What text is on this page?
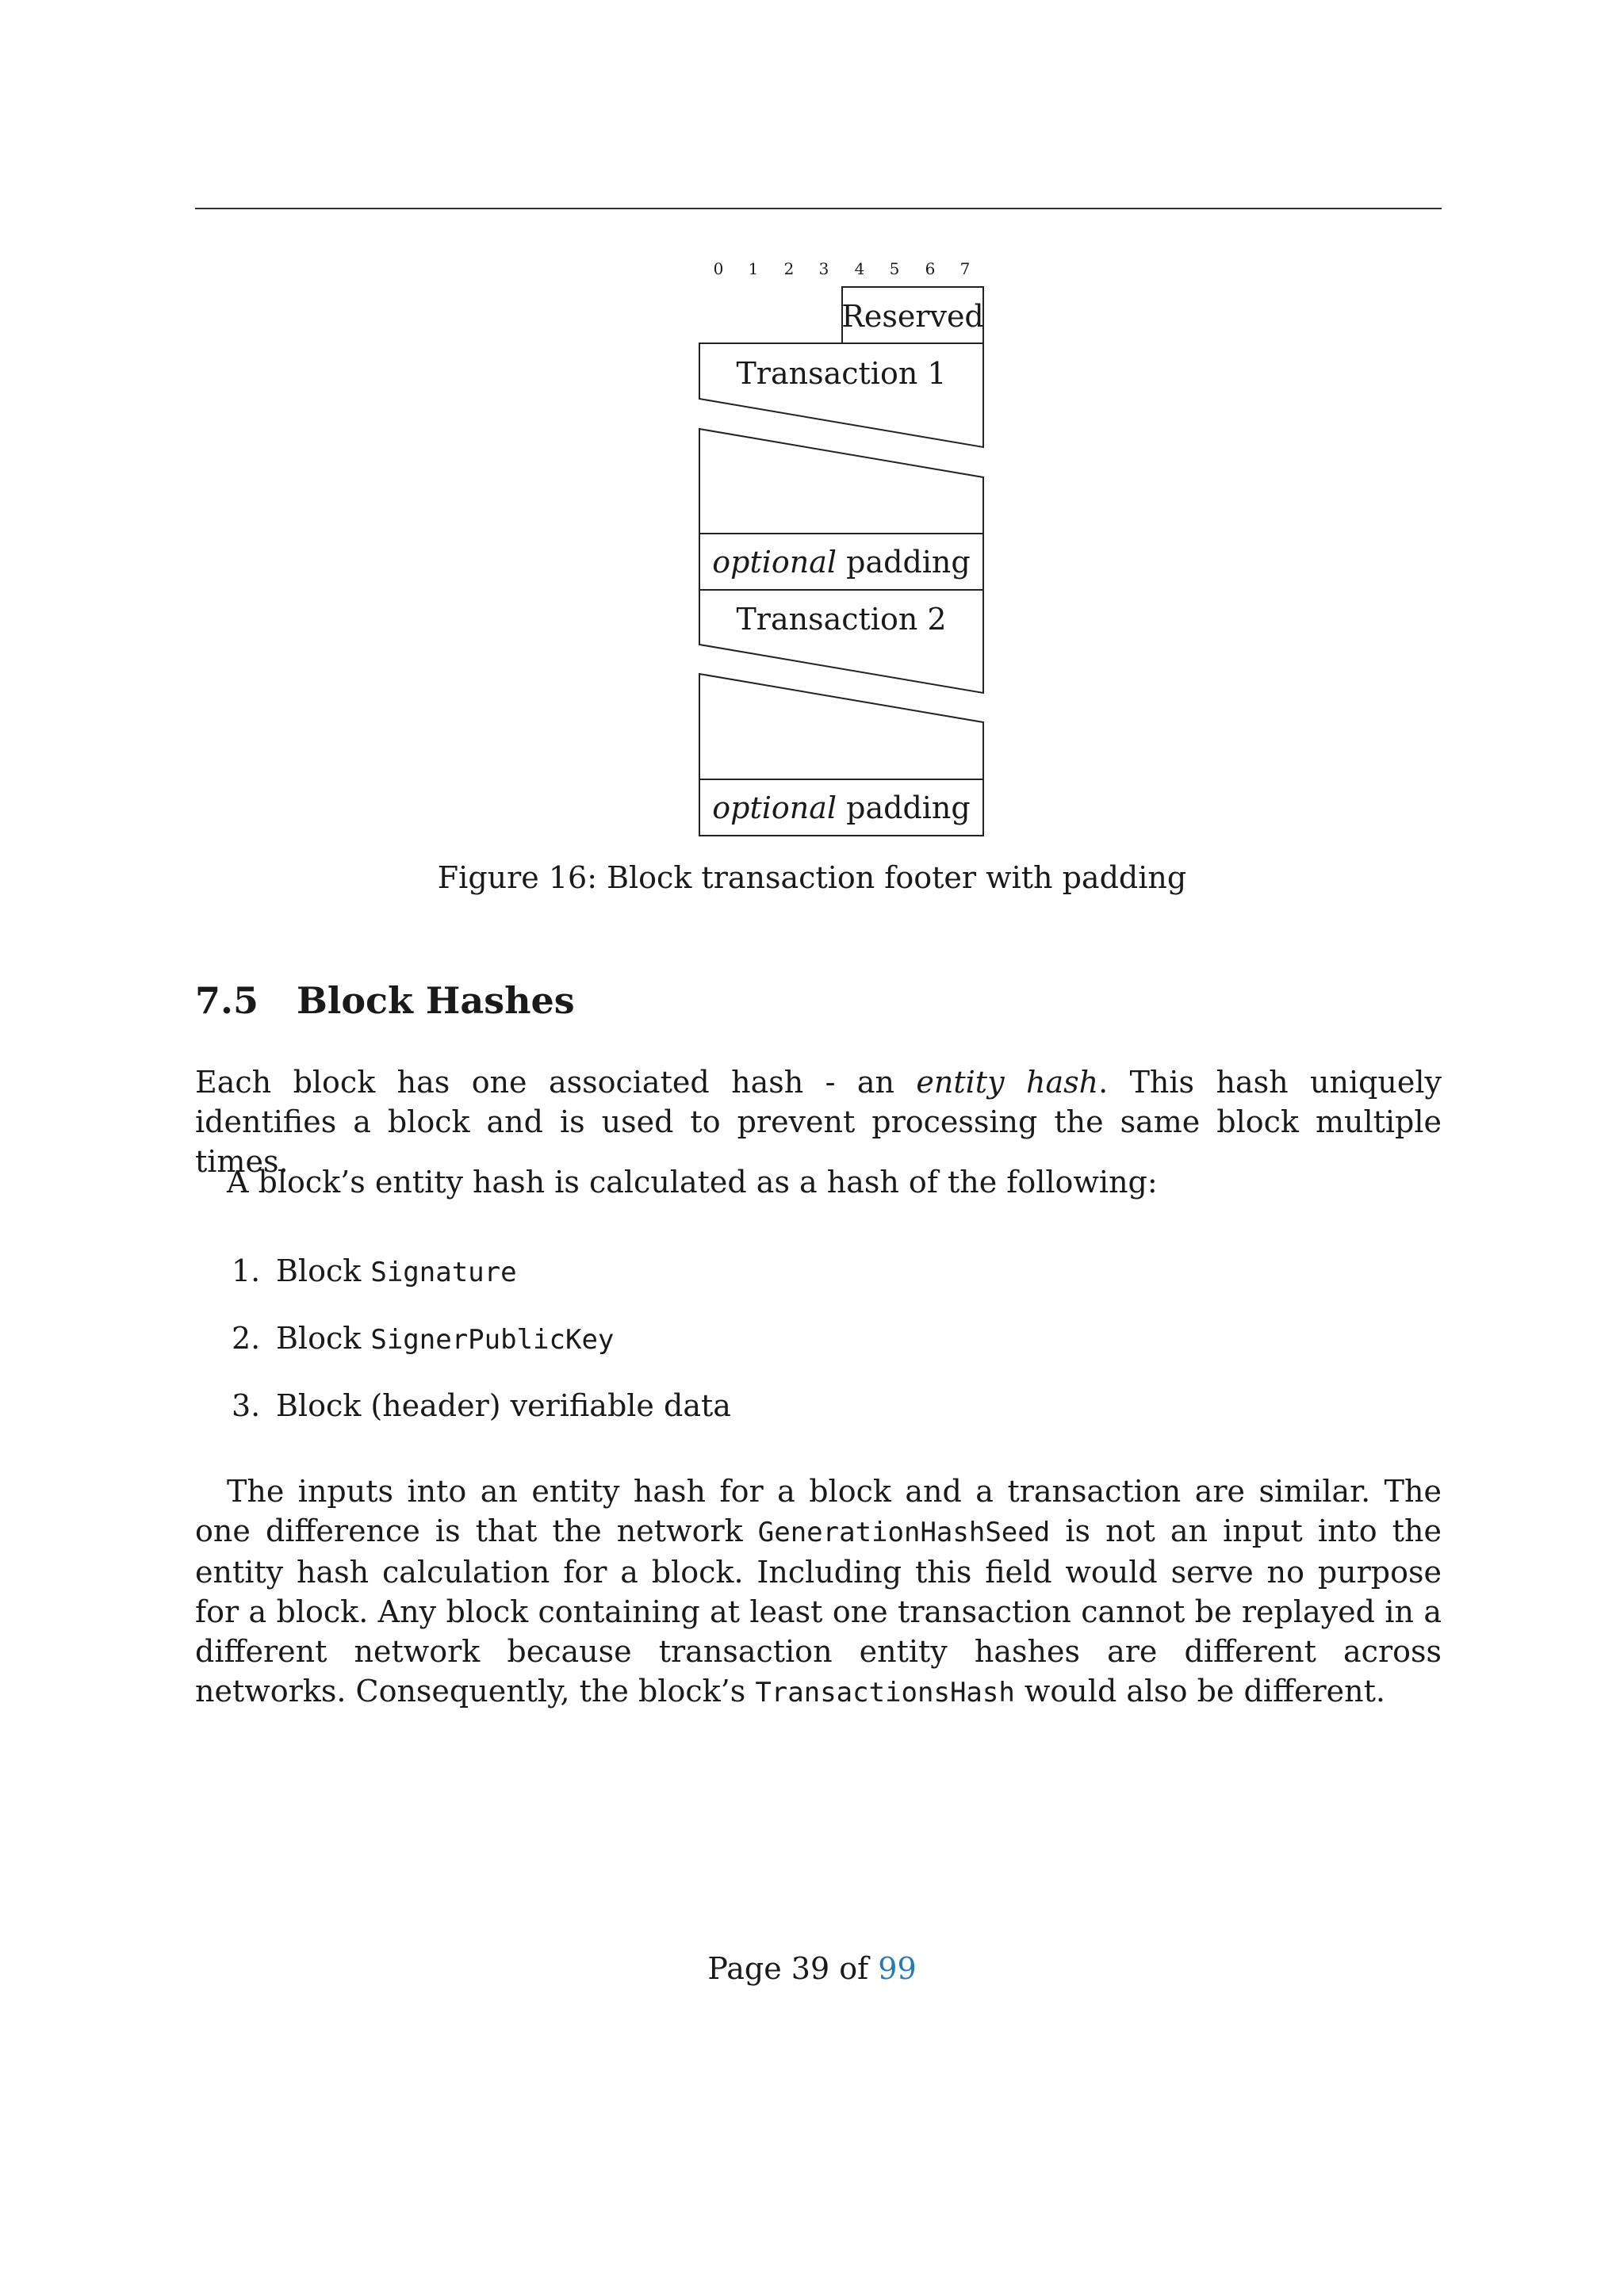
0 1 2 3 4 5 6 7
Reserved
Transaction 1
optional padding
Transaction 2
optional padding
Figure 16: Block transaction footer with padding
7.5 Block Hashes

Each block has one associated hash - an entity hash. This hash uniquely identifies a block and is used to prevent processing the same block multiple times.

A block’s entity hash is calculated as a hash of the following:

1. Block Signature
2. Block SignerPublicKey
3. Block (header) verifiable data

The inputs into an entity hash for a block and a transaction are similar. The one difference is that the network GenerationHashSeed is not an input into the entity hash calculation for a block. Including this field would serve no purpose for a block. Any block containing at least one transaction cannot be replayed in a different network because transaction entity hashes are different across networks. Consequently, the block’s TransactionsHash would also be different.

Page 39 of 99
